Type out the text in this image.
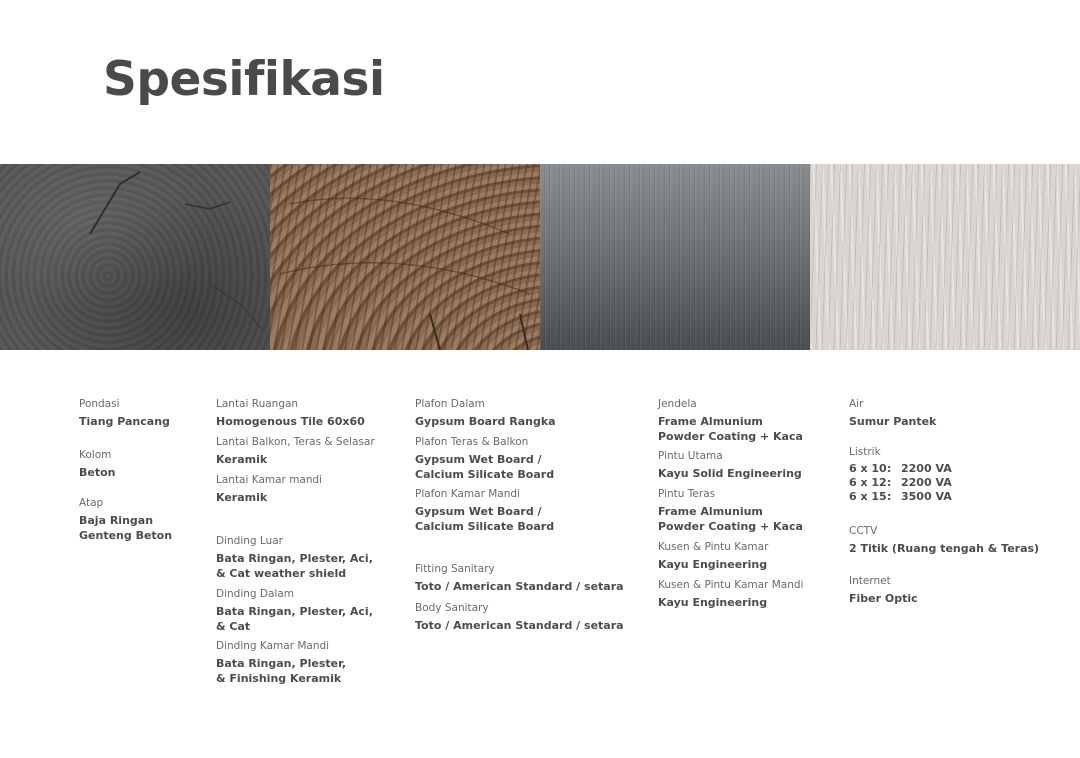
Spesifikasi
Pondasi
Tiang Pancang
Kolom
Beton
Atap
Baja Ringan
Genteng Beton
Lantai Ruangan
Homogenous Tile 60x60
Lantai Balkon, Teras & Selasar
Keramik
Lantai Kamar mandi
Keramik
Dinding Luar
Bata Ringan, Plester, Aci,
& Cat weather shield
Dinding Dalam
Bata Ringan, Plester, Aci,
& Cat
Dinding Kamar Mandi
Bata Ringan, Plester,
& Finishing Keramik
Plafon Dalam
Gypsum Board Rangka
Plafon Teras & Balkon
Gypsum Wet Board /
Calcium Silicate Board
Plafon Kamar Mandi
Gypsum Wet Board /
Calcium Silicate Board
Fitting Sanitary
Toto / American Standard / setara
Body Sanitary
Toto / American Standard / setara
Jendela
Frame Almunium
Powder Coating + Kaca
Pintu Utama
Kayu Solid Engineering
Pintu Teras
Frame Almunium
Powder Coating + Kaca
Kusen & Pintu Kamar
Kayu Engineering
Kusen & Pintu Kamar Mandi
Kayu Engineering
Air
Sumur Pantek
Listrik
6 x 10 : 2200 VA
6 x 12 : 2200 VA
6 x 15 : 3500 VA
CCTV
2 Titik (Ruang tengah & Teras)
Internet
Fiber Optic
